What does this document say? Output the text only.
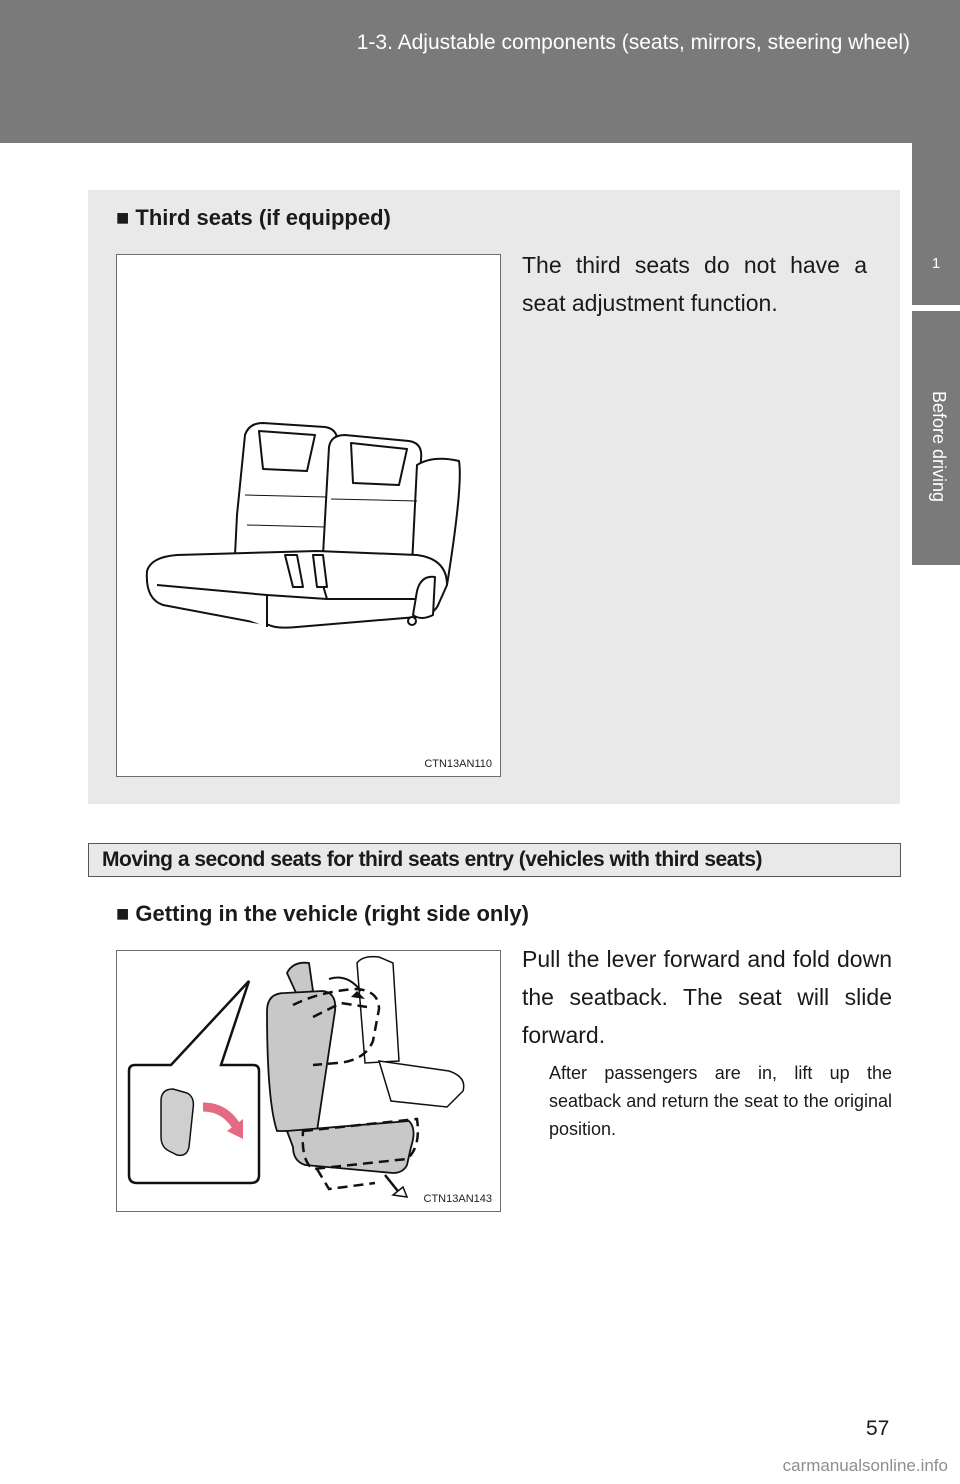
1-3. Adjustable components (seats, mirrors, steering wheel)
1
Before driving
■ Third seats (if equipped)
CTN13AN110
The third seats do not have a seat adjustment function.
Moving a second seats for third seats entry (vehicles with third seats)
■ Getting in the vehicle (right side only)
CTN13AN143
Pull the lever forward and fold down the seatback. The seat will slide forward.
After passengers are in, lift up the seatback and return the seat to the original position.
57
carmanualsonline.info
